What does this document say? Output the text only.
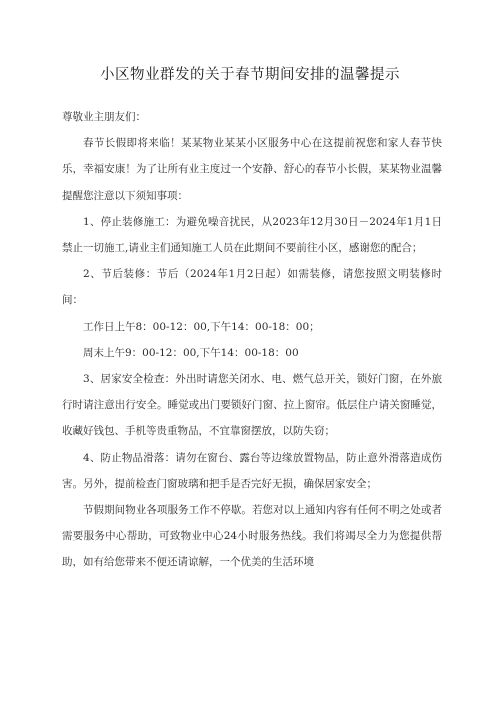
小区物业群发的关于春节期间安排的温馨提示

尊敬业主朋友们：

春节长假即将来临！某某物业某某小区服务中心在这提前祝您和家人春节快乐，幸福安康！为了让所有业主度过一个安静、舒心的春节小长假，某某物业温馨提醒您注意以下须知事项：

1、停止装修施工：为避免噪音扰民，从2023年12月30日－2024年1月1日禁止一切施工,请业主们通知施工人员在此期间不要前往小区，感谢您的配合；

2、节后装修：节后（2024年1月2日起）如需装修，请您按照文明装修时间：

工作日上午8：00-12：00,下午14：00-18：00；

周末上午9：00-12：00,下午14：00-18：00

3、居家安全检查：外出时请您关闭水、电、燃气总开关，锁好门窗，在外旅行时请注意出行安全。睡觉或出门要锁好门窗、拉上窗帘。低层住户请关窗睡觉，收藏好钱包、手机等贵重物品，不宜靠窗摆放，以防失窃；

4、防止物品滑落：请勿在窗台、露台等边缘放置物品，防止意外滑落造成伤害。另外，提前检查门窗玻璃和把手是否完好无损，确保居家安全；

节假期间物业各项服务工作不停歇。若您对以上通知内容有任何不明之处或者需要服务中心帮助，可致物业中心24小时服务热线。我们将竭尽全力为您提供帮助，如有给您带来不便还请谅解，一个优美的生活环境
